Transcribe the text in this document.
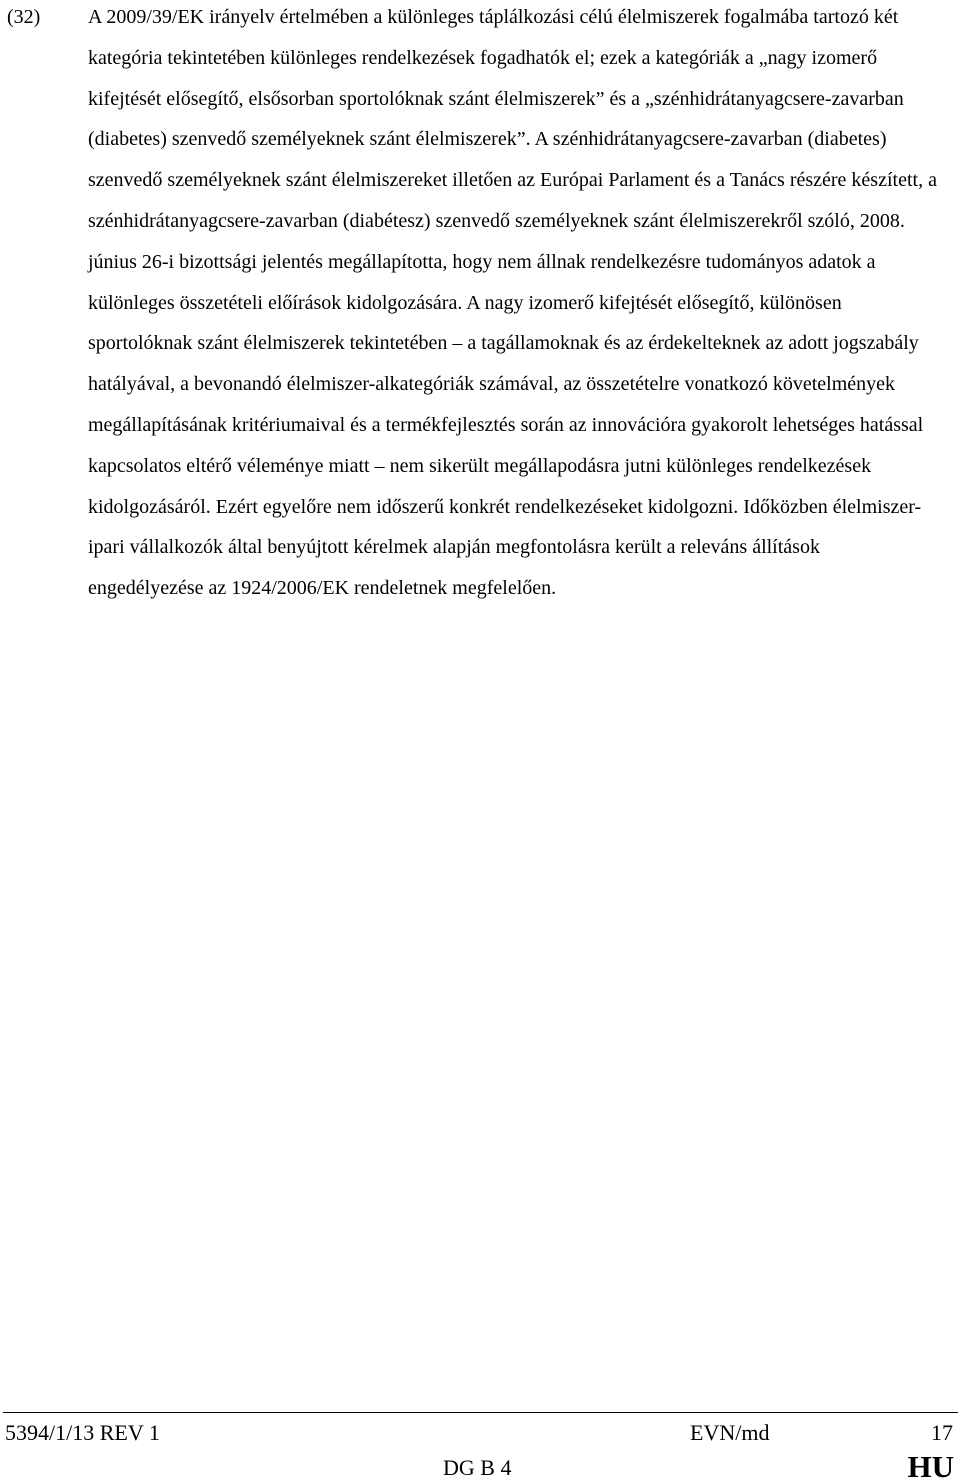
(32) A 2009/39/EK irányelv értelmében a különleges táplálkozási célú élelmiszerek fogalmába tartozó két kategória tekintetében különleges rendelkezések fogadhatók el; ezek a kategóriák a „nagy izomerő kifejtését elősegítő, elsősorban sportolóknak szánt élelmiszerek” és a „szénhidrátanyagcsere-zavarban (diabetes) szenvedő személyeknek szánt élelmiszerek”. A szénhidrátanyagcsere-zavarban (diabetes) szenvedő személyeknek szánt élelmiszereket illetően az Európai Parlament és a Tanács részére készített, a szénhidrátanyagcsere-zavarban (diabétesz) szenvedő személyeknek szánt élelmiszerekről szóló, 2008. június 26-i bizottsági jelentés megállapította, hogy nem állnak rendelkezésre tudományos adatok a különleges összetételi előírások kidolgozására. A nagy izomerő kifejtését elősegítő, különösen sportolóknak szánt élelmiszerek tekintetében – a tagállamoknak és az érdekelteknek az adott jogszabály hatályával, a bevonandó élelmiszer-alkategóriák számával, az összetételre vonatkozó követelmények megállapításának kritériumaival és a termékfejlesztés során az innovációra gyakorolt lehetséges hatással kapcsolatos eltérő véleménye miatt – nem sikerült megállapodásra jutni különleges rendelkezések kidolgozásáról. Ezért egyelőre nem időszerű konkrét rendelkezéseket kidolgozni. Időközben élelmiszer-ipari vállalkozók által benyújtott kérelmek alapján megfontolásra került a releváns állítások engedélyezése az 1924/2006/EK rendeletnek megfelelően.

5394/1/13 REV 1	EVN/md	17
DG B 4	HU
